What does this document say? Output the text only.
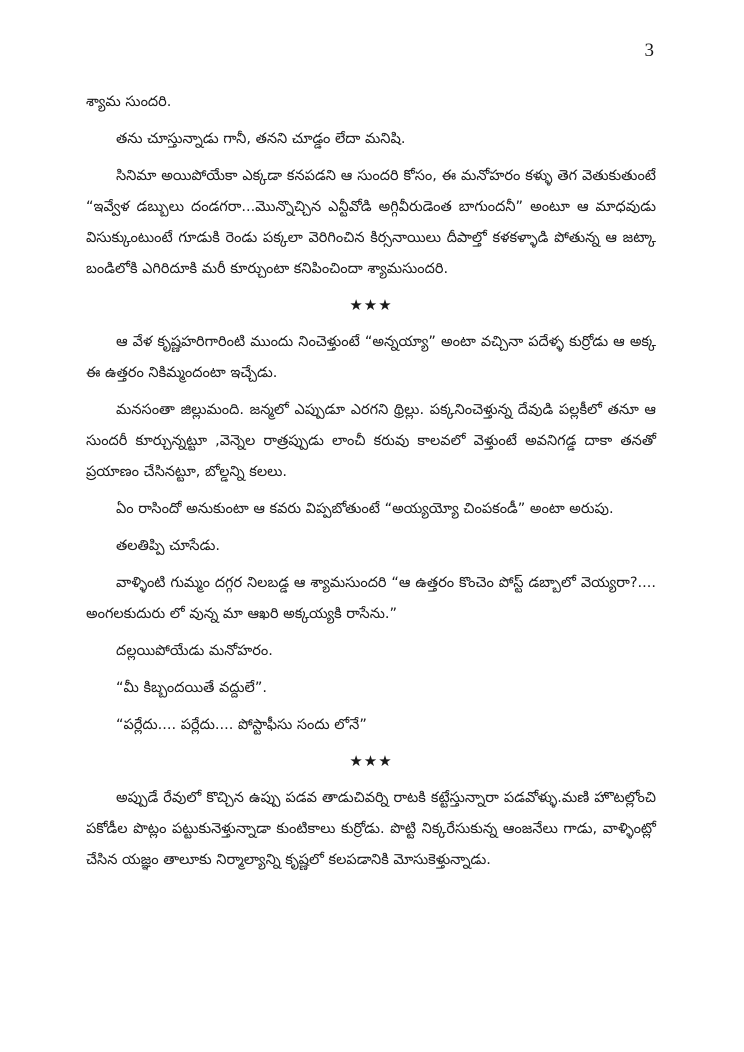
3

శ్యామ సుందరి.

తను చూస్తున్నాడు గానీ, తనని చూడ్డం లేదా మనిషి.

సినిమా అయిపోయేకా ఎక్కడా కనపడని ఆ సుందరి కోసం, ఈ మనోహరం కళ్ళు తెగ వెతుకుతుంటే “ఇవ్వేళ డబ్బులు దండగరా...మొన్నొచ్చిన ఎన్టీవోడి అగ్గివీరుడెంత బాగుందనీ” అంటూ ఆ మాధవుడు విసుక్కుంటుంటే గూడుకి రెండు పక్కలా వెరిగించిన కిర్సనాయిలు దీపాల్తో కళకళ్ళాడి పోతున్న ఆ జట్కా బండిలోకి ఎగిరిదూకి మరీ కూర్చుంటా కనిపించిందా శ్యామసుందరి.

★★★

ఆ వేళ కృష్ణహరిగారింటి ముందు నించెళ్తుంటే “అన్నయ్యా” అంటా వచ్చినా పదేళ్ళ కుర్రోడు ఆ అక్క ఈ ఉత్తరం నికిమ్మందంటా ఇచ్చేడు.

మనసంతా జిల్లుమంది. జన్మలో ఎప్పుడూ ఎరగని థ్రిల్లు. పక్కనించెళ్తున్న దేవుడి పల్లకీలో తనూ ఆ సుందరీ కూర్చున్నట్టూ ,వెన్నెల రాత్రప్పుడు లాంచీ కరువు కాలవలో వెళ్తుంటే అవనిగడ్డ దాకా తనతో ప్రయాణం చేసినట్టూ, బోల్డన్ని కలలు.

ఏం రాసిందో అనుకుంటా ఆ కవరు విప్పబోతుంటే “అయ్యయ్యో చింపకండీ” అంటా అరుపు.

తలతిప్పి చూసేడు.

వాళ్ళింటి గుమ్మం దగ్గర నిలబడ్డ ఆ శ్యామసుందరి “ఆ ఉత్తరం కొంచెం పోస్ట్ డబ్బాలో వెయ్యరా?.... అంగలకుదురు లో వున్న మా ఆఖరి అక్కయ్యకి రాసేను.”

దల్లయిపోయేడు మనోహరం.

“మీ కిబ్బందయితే వద్దులే”.

“పర్లేదు.... పర్లేదు.... పోస్టాఫీసు సందు లోనే”

★★★

అప్పుడే రేవులో కొచ్చిన ఉప్పు పడవ తాడుచివర్ని రాటకి కట్టేస్తున్నారా పడవోళ్ళు.మణి హొటల్లోంచి పకోడీల పొట్లం పట్టుకునెళ్తున్నాడా కుంటికాలు కుర్రోడు. పొట్టి నిక్కరేసుకున్న ఆంజనేలు గాడు, వాళ్ళింట్లో చేసిన యజ్ఞం తాలూకు నిర్మాల్యాన్ని కృష్ణలో కలపడానికి మోసుకెళ్తున్నాడు.
